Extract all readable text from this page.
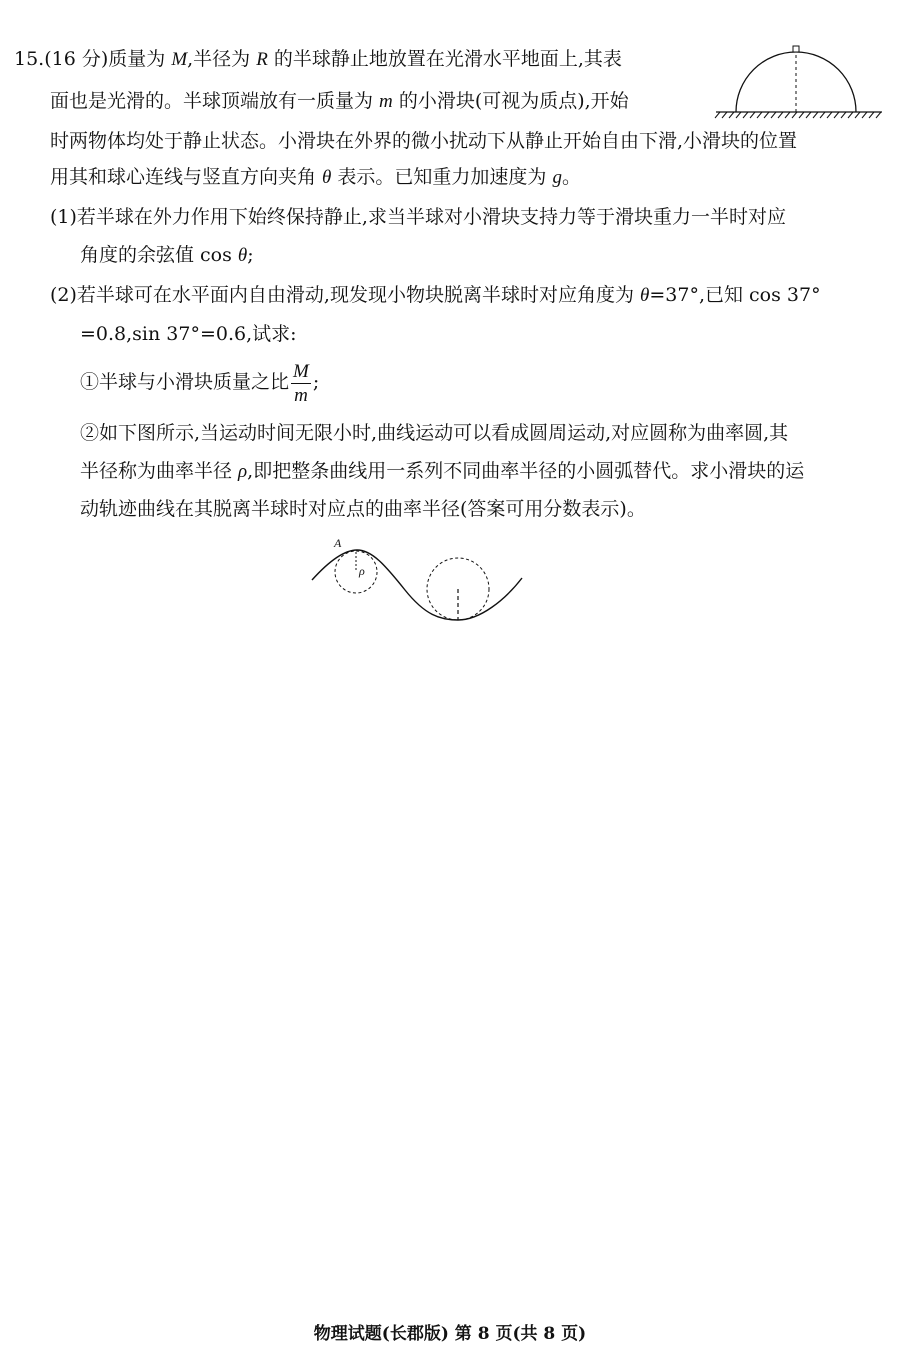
15.(16 分)质量为 M,半径为 R 的半球静止地放置在光滑水平地面上,其表
面也是光滑的。半球顶端放有一质量为 m 的小滑块(可视为质点),开始
时两物体均处于静止状态。小滑块在外界的微小扰动下从静止开始自由下滑,小滑块的位置
用其和球心连线与竖直方向夹角 θ 表示。已知重力加速度为 g。
(1)若半球在外力作用下始终保持静止,求当半球对小滑块支持力等于滑块重力一半时对应
角度的余弦值 cos θ;
(2)若半球可在水平面内自由滑动,现发现小物块脱离半球时对应角度为 θ=37°,已知 cos 37°
=0.8,sin 37°=0.6,试求:
①半球与小滑块质量之比 $\frac{M}{m}$ ;
②如下图所示,当运动时间无限小时,曲线运动可以看成圆周运动,对应圆称为曲率圆,其
半径称为曲率半径 ρ,即把整条曲线用一系列不同曲率半径的小圆弧替代。求小滑块的运
动轨迹曲线在其脱离半球时对应点的曲率半径(答案可用分数表示)。
A
ρ
物理试题(长郡版) 第 8 页(共 8 页)
